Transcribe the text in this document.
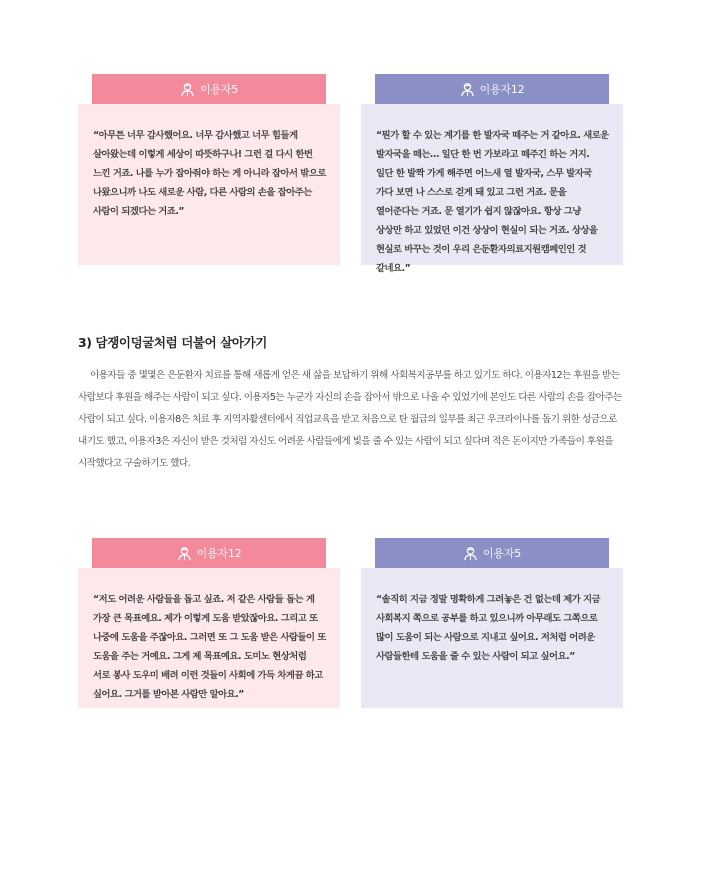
이용자5
“아무튼 너무 감사했어요. 너무 감사했고 너무 힘들게 살아왔는데 이렇게 세상이 따뜻하구나! 그런 걸 다시 한번 느낀 거죠. 나를 누가 잡아줘야 하는 게 아니라 잡아서 밖으로 나왔으니까 나도 새로운 사람, 다른 사람의 손을 잡아주는 사람이 되겠다는 거죠.”
이용자12
“뭔가 할 수 있는 계기를 한 발자국 떼주는 거 같아요. 새로운 발자국을 떼는… 일단 한 번 가보라고 떼주긴 하는 거지. 일단 한 발짝 가게 해주면 어느새 열 발자국, 스무 발자국 가다 보면 나 스스로 걷게 돼 있고 그런 거죠. 문을 열어준다는 거죠. 문 열기가 쉽지 않잖아요. 항상 그냥 상상만 하고 있었던 이건 상상이 현실이 되는 거죠. 상상을 현실로 바꾸는 것이 우리 은둔환자의료지원캠페인인 것 같네요.”
3) 담쟁이덩굴처럼 더불어 살아가기

이용자들 중 몇몇은 은둔환자 치료를 통해 새롭게 얻은 새 삶을 보답하기 위해 사회복지공부를 하고 있기도 하다. 이용자12는 후원을 받는 사람보다 후원을 해주는 사람이 되고 싶다. 이용자5는 누군가 자신의 손을 잡아서 밖으로 나올 수 있었기에 본인도 다른 사람의 손을 잡아주는 사람이 되고 싶다. 이용자8은 치료 후 지역자활센터에서 직업교육을 받고 처음으로 탄 월급의 일부를 최근 우크라이나를 돕기 위한 성금으로 내기도 했고, 이용자3은 자신이 받은 것처럼 자신도 어려운 사람들에게 빛을 줄 수 있는 사람이 되고 싶다며 적은 돈이지만 가족들이 후원을 시작했다고 구술하기도 했다.

이용자12
“저도 어려운 사람들을 돕고 싶죠. 저 같은 사람들 돕는 게 가장 큰 목표예요. 제가 이렇게 도움 받았잖아요. 그리고 또 나중에 도움을 주잖아요. 그러면 또 그 도움 받은 사람들이 또 도움을 주는 거예요. 그게 제 목표예요. 도미노 현상처럼 서로 봉사 도우미 배려 이런 것들이 사회에 가득 차게끔 하고 싶어요. 그거를 받아본 사람만 알아요.”
이용자5
“솔직히 지금 정말 명확하게 그려놓은 건 없는데 제가 지금 사회복지 쪽으로 공부를 하고 있으니까 아무래도 그쪽으로 많이 도움이 되는 사람으로 지내고 싶어요. 저처럼 어려운 사람들한테 도움을 줄 수 있는 사람이 되고 싶어요.”
